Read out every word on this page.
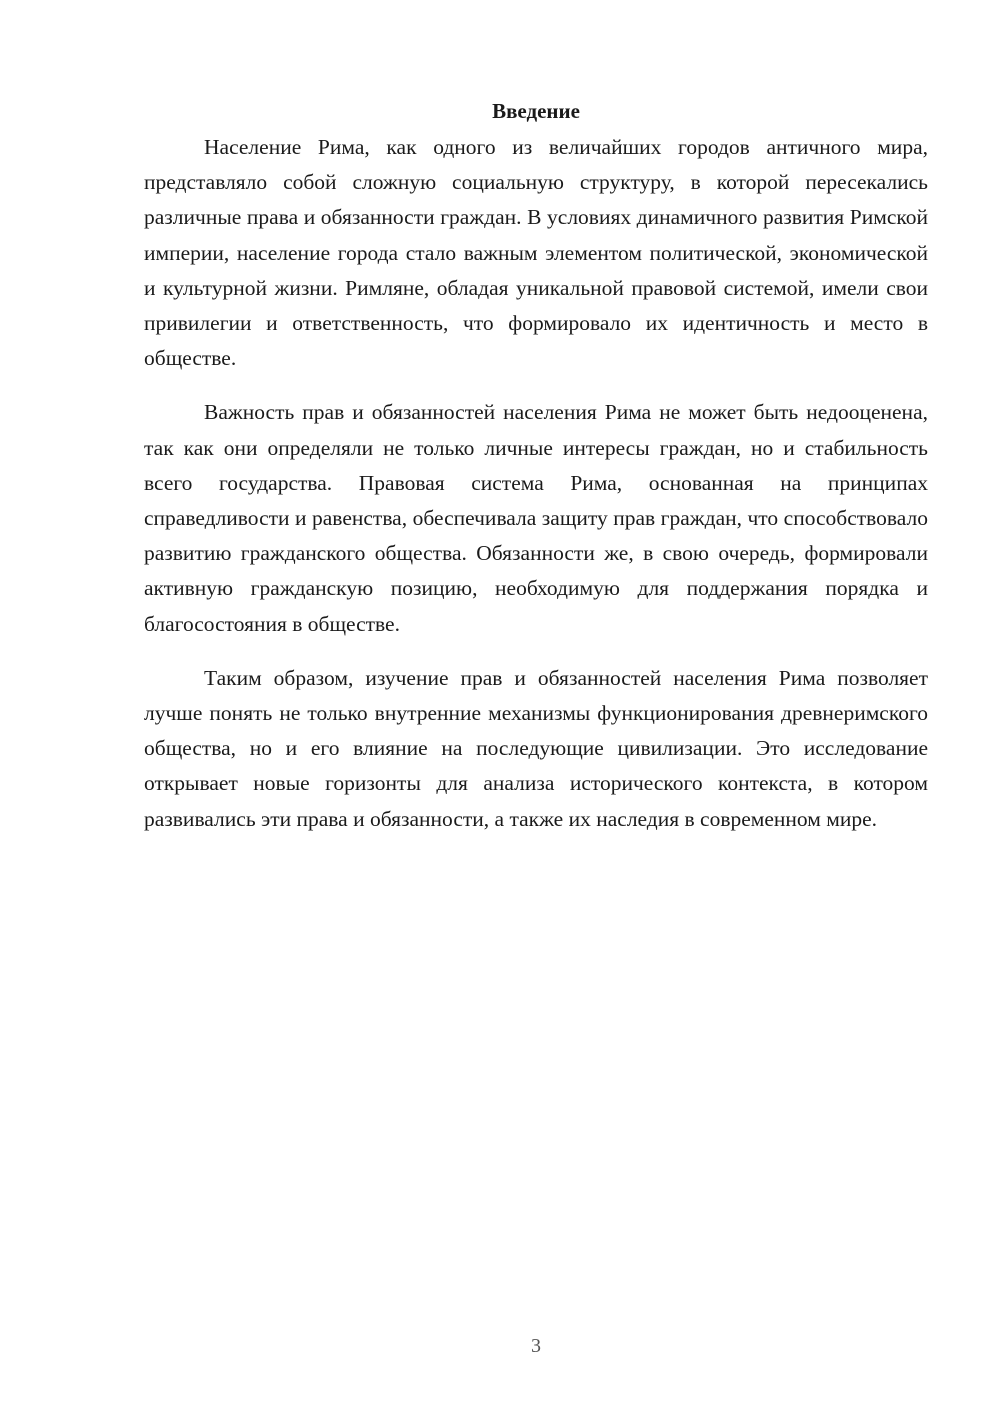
Введение

Население Рима, как одного из величайших городов античного мира, представляло собой сложную социальную структуру, в которой пересекались различные права и обязанности граждан. В условиях динамичного развития Римской империи, население города стало важным элементом политической, экономической и культурной жизни. Римляне, обладая уникальной правовой системой, имели свои привилегии и ответственность, что формировало их идентичность и место в обществе.

Важность прав и обязанностей населения Рима не может быть недооценена, так как они определяли не только личные интересы граждан, но и стабильность всего государства. Правовая система Рима, основанная на принципах справедливости и равенства, обеспечивала защиту прав граждан, что способствовало развитию гражданского общества. Обязанности же, в свою очередь, формировали активную гражданскую позицию, необходимую для поддержания порядка и благосостояния в обществе.

Таким образом, изучение прав и обязанностей населения Рима позволяет лучше понять не только внутренние механизмы функционирования древнеримского общества, но и его влияние на последующие цивилизации. Это исследование открывает новые горизонты для анализа исторического контекста, в котором развивались эти права и обязанности, а также их наследия в современном мире.

3
